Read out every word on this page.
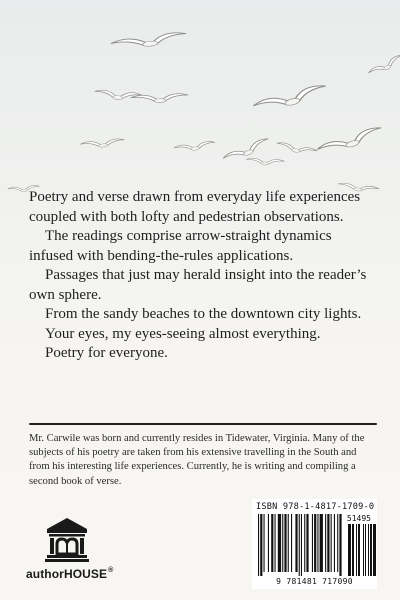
Poetry and verse drawn from everyday life experiences coupled with both lofty and pedestrian observations.
The readings comprise arrow-straight dynamics infused with bending-the-rules applications.
Passages that just may herald insight into the reader’s own sphere.
From the sandy beaches to the downtown city lights.
Your eyes, my eyes-seeing almost everything.
Poetry for everyone.

Mr. Carwile was born and currently resides in Tidewater, Virginia. Many of the subjects of his poetry are taken from his extensive travelling in the South and from his interesting life experiences. Currently, he is writing and compiling a second book of verse.

authorHOUSE®
ISBN 978-1-4817-1709-0
51495
9 781481 717090
